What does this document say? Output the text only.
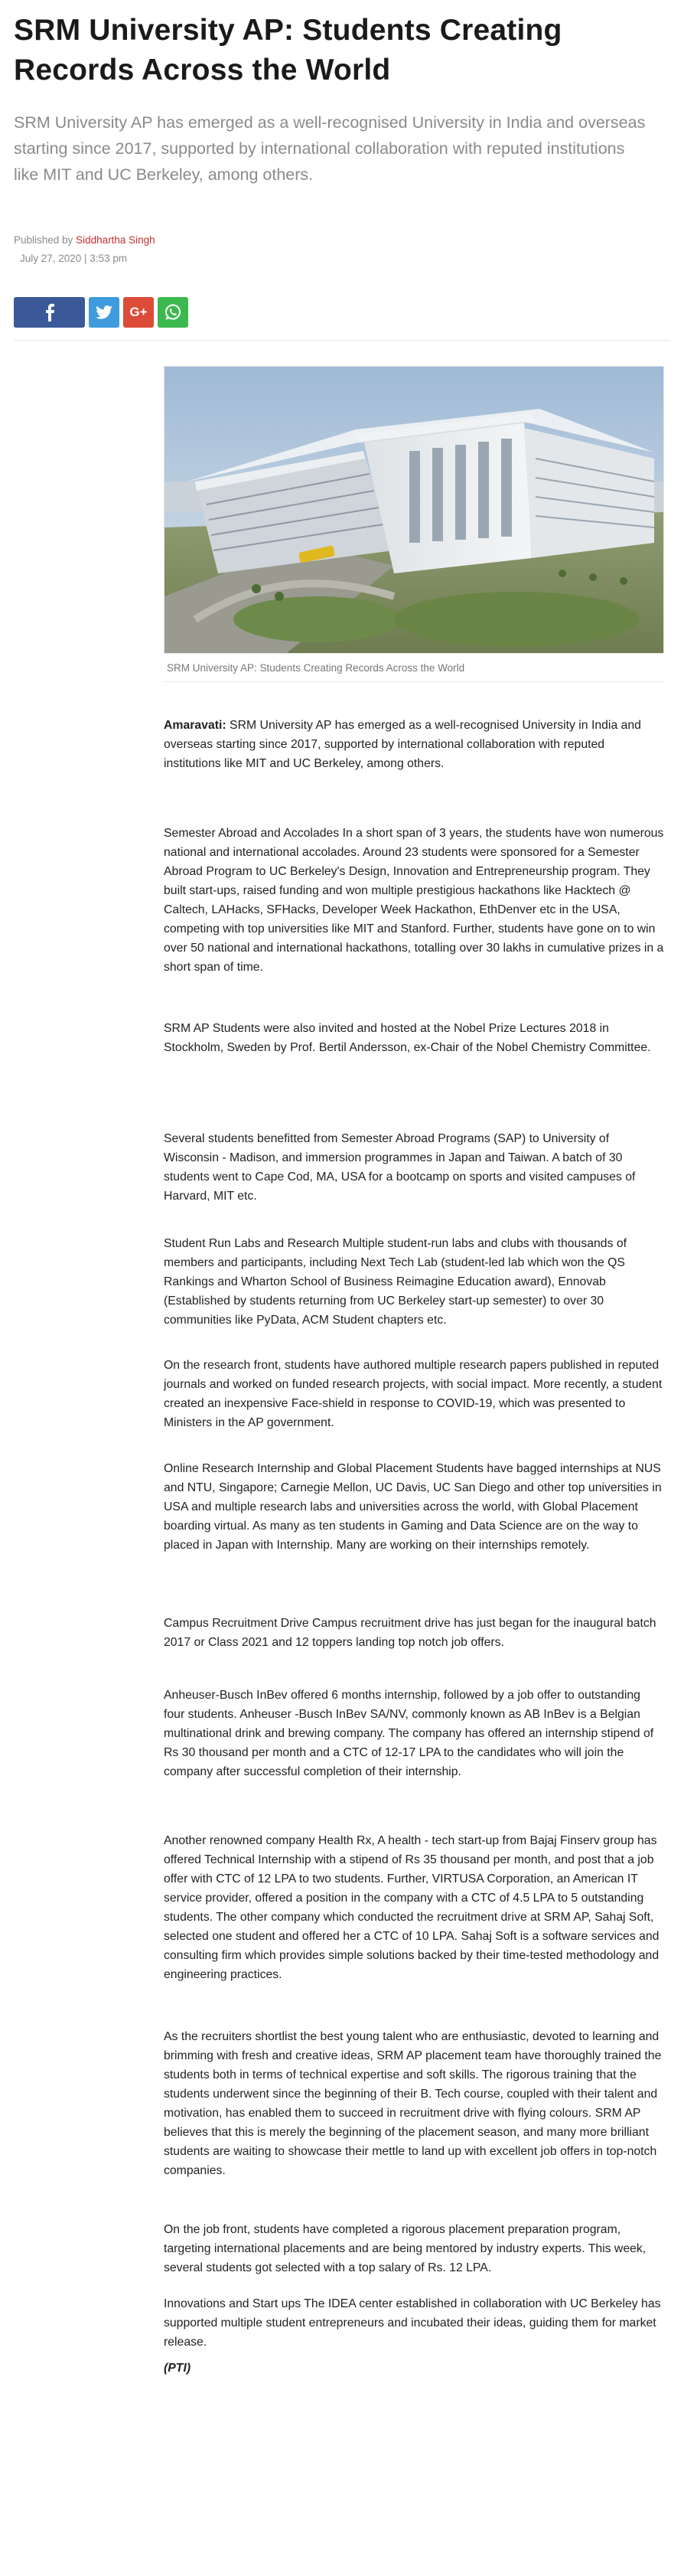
SRM University AP: Students Creating Records Across the World
SRM University AP has emerged as a well-recognised University in India and overseas starting since 2017, supported by international collaboration with reputed institutions like MIT and UC Berkeley, among others.
Published by Siddhartha Singh
July 27, 2020 | 3:53 pm
G+
SRM University AP: Students Creating Records Across the World

Amaravati: SRM University AP has emerged as a well-recognised University in India and overseas starting since 2017, supported by international collaboration with reputed institutions like MIT and UC Berkeley, among others.

Semester Abroad and Accolades In a short span of 3 years, the students have won numerous national and international accolades. Around 23 students were sponsored for a Semester Abroad Program to UC Berkeley's Design, Innovation and Entrepreneurship program. They built start-ups, raised funding and won multiple prestigious hackathons like Hacktech @ Caltech, LAHacks, SFHacks, Developer Week Hackathon, EthDenver etc in the USA, competing with top universities like MIT and Stanford. Further, students have gone on to win over 50 national and international hackathons, totalling over 30 lakhs in cumulative prizes in a short span of time.

SRM AP Students were also invited and hosted at the Nobel Prize Lectures 2018 in Stockholm, Sweden by Prof. Bertil Andersson, ex-Chair of the Nobel Chemistry Committee.

Several students benefitted from Semester Abroad Programs (SAP) to University of Wisconsin - Madison, and immersion programmes in Japan and Taiwan. A batch of 30 students went to Cape Cod, MA, USA for a bootcamp on sports and visited campuses of Harvard, MIT etc.

Student Run Labs and Research Multiple student-run labs and clubs with thousands of members and participants, including Next Tech Lab (student-led lab which won the QS Rankings and Wharton School of Business Reimagine Education award), Ennovab (Established by students returning from UC Berkeley start-up semester) to over 30 communities like PyData, ACM Student chapters etc.

On the research front, students have authored multiple research papers published in reputed journals and worked on funded research projects, with social impact. More recently, a student created an inexpensive Face-shield in response to COVID-19, which was presented to Ministers in the AP government.

Online Research Internship and Global Placement Students have bagged internships at NUS and NTU, Singapore; Carnegie Mellon, UC Davis, UC San Diego and other top universities in USA and multiple research labs and universities across the world, with Global Placement boarding virtual. As many as ten students in Gaming and Data Science are on the way to placed in Japan with Internship. Many are working on their internships remotely.

Campus Recruitment Drive Campus recruitment drive has just began for the inaugural batch 2017 or Class 2021 and 12 toppers landing top notch job offers.

Anheuser-Busch InBev offered 6 months internship, followed by a job offer to outstanding four students. Anheuser -Busch InBev SA/NV, commonly known as AB InBev is a Belgian multinational drink and brewing company. The company has offered an internship stipend of Rs 30 thousand per month and a CTC of 12-17 LPA to the candidates who will join the company after successful completion of their internship.

Another renowned company Health Rx, A health - tech start-up from Bajaj Finserv group has offered Technical Internship with a stipend of Rs 35 thousand per month, and post that a job offer with CTC of 12 LPA to two students. Further, VIRTUSA Corporation, an American IT service provider, offered a position in the company with a CTC of 4.5 LPA to 5 outstanding students. The other company which conducted the recruitment drive at SRM AP, Sahaj Soft, selected one student and offered her a CTC of 10 LPA. Sahaj Soft is a software services and consulting firm which provides simple solutions backed by their time-tested methodology and engineering practices.

As the recruiters shortlist the best young talent who are enthusiastic, devoted to learning and brimming with fresh and creative ideas, SRM AP placement team have thoroughly trained the students both in terms of technical expertise and soft skills. The rigorous training that the students underwent since the beginning of their B. Tech course, coupled with their talent and motivation, has enabled them to succeed in recruitment drive with flying colours. SRM AP believes that this is merely the beginning of the placement season, and many more brilliant students are waiting to showcase their mettle to land up with excellent job offers in top-notch companies.

On the job front, students have completed a rigorous placement preparation program, targeting international placements and are being mentored by industry experts. This week, several students got selected with a top salary of Rs. 12 LPA.

Innovations and Start ups The IDEA center established in collaboration with UC Berkeley has supported multiple student entrepreneurs and incubated their ideas, guiding them for market release.

(PTI)
